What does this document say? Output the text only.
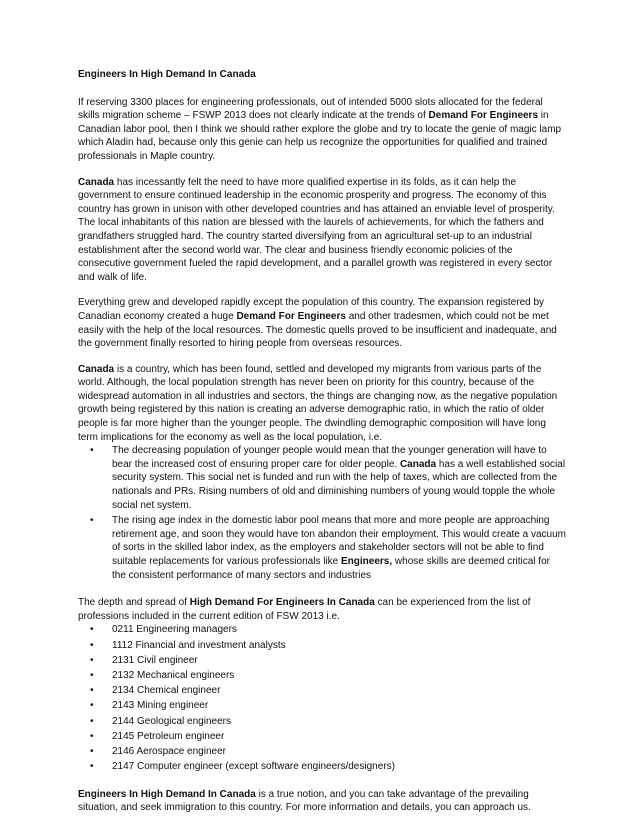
Engineers In High Demand In Canada

If reserving 3300 places for engineering professionals, out of intended 5000 slots allocated for the federal skills migration scheme – FSWP 2013 does not clearly indicate at the trends of Demand For Engineers in Canadian labor pool, then I think we should rather explore the globe and try to locate the genie of magic lamp which Aladin had, because only this genie can help us recognize the opportunities for qualified and trained professionals in Maple country.

Canada has incessantly felt the need to have more qualified expertise in its folds, as it can help the government to ensure continued leadership in the economic prosperity and progress. The economy of this country has grown in unison with other developed countries and has attained an enviable level of prosperity. The local inhabitants of this nation are blessed with the laurels of achievements, for which the fathers and grandfathers struggled hard. The country started diversifying from an agricultural set-up to an industrial establishment after the second world war. The clear and business friendly economic policies of the consecutive government fueled the rapid development, and a parallel growth was registered in every sector and walk of life.

Everything grew and developed rapidly except the population of this country. The expansion registered by Canadian economy created a huge Demand For Engineers and other tradesmen, which could not be met easily with the help of the local resources. The domestic quells proved to be insufficient and inadequate, and the government finally resorted to hiring people from overseas resources.

Canada is a country, which has been found, settled and developed my migrants from various parts of the world. Although, the local population strength has never been on priority for this country, because of the widespread automation in all industries and sectors, the things are changing now, as the negative population growth being registered by this nation is creating an adverse demographic ratio, in which the ratio of older people is far more higher than the younger people. The dwindling demographic composition will have long term implications for the economy as well as the local population, i.e.

• The decreasing population of younger people would mean that the younger generation will have to bear the increased cost of ensuring proper care for older people. Canada has a well established social security system. This social net is funded and run with the help of taxes, which are collected from the nationals and PRs. Rising numbers of old and diminishing numbers of young would topple the whole social net system.
• The rising age index in the domestic labor pool means that more and more people are approaching retirement age, and soon they would have ton abandon their employment. This would create a vacuum of sorts in the skilled labor index, as the employers and stakeholder sectors will not be able to find suitable replacements for various professionals like Engineers, whose skills are deemed critical for the consistent performance of many sectors and industries

The depth and spread of High Demand For Engineers In Canada can be experienced from the list of professions included in the current edition of FSW 2013 i.e.

• 0211 Engineering managers
• 1112 Financial and investment analysts
• 2131 Civil engineer
• 2132 Mechanical engineers
• 2134 Chemical engineer
• 2143 Mining engineer
• 2144 Geological engineers
• 2145 Petroleum engineer
• 2146 Aerospace engineer
• 2147 Computer engineer (except software engineers/designers)

Engineers In High Demand In Canada is a true notion, and you can take advantage of the prevailing situation, and seek immigration to this country. For more information and details, you can approach us.
